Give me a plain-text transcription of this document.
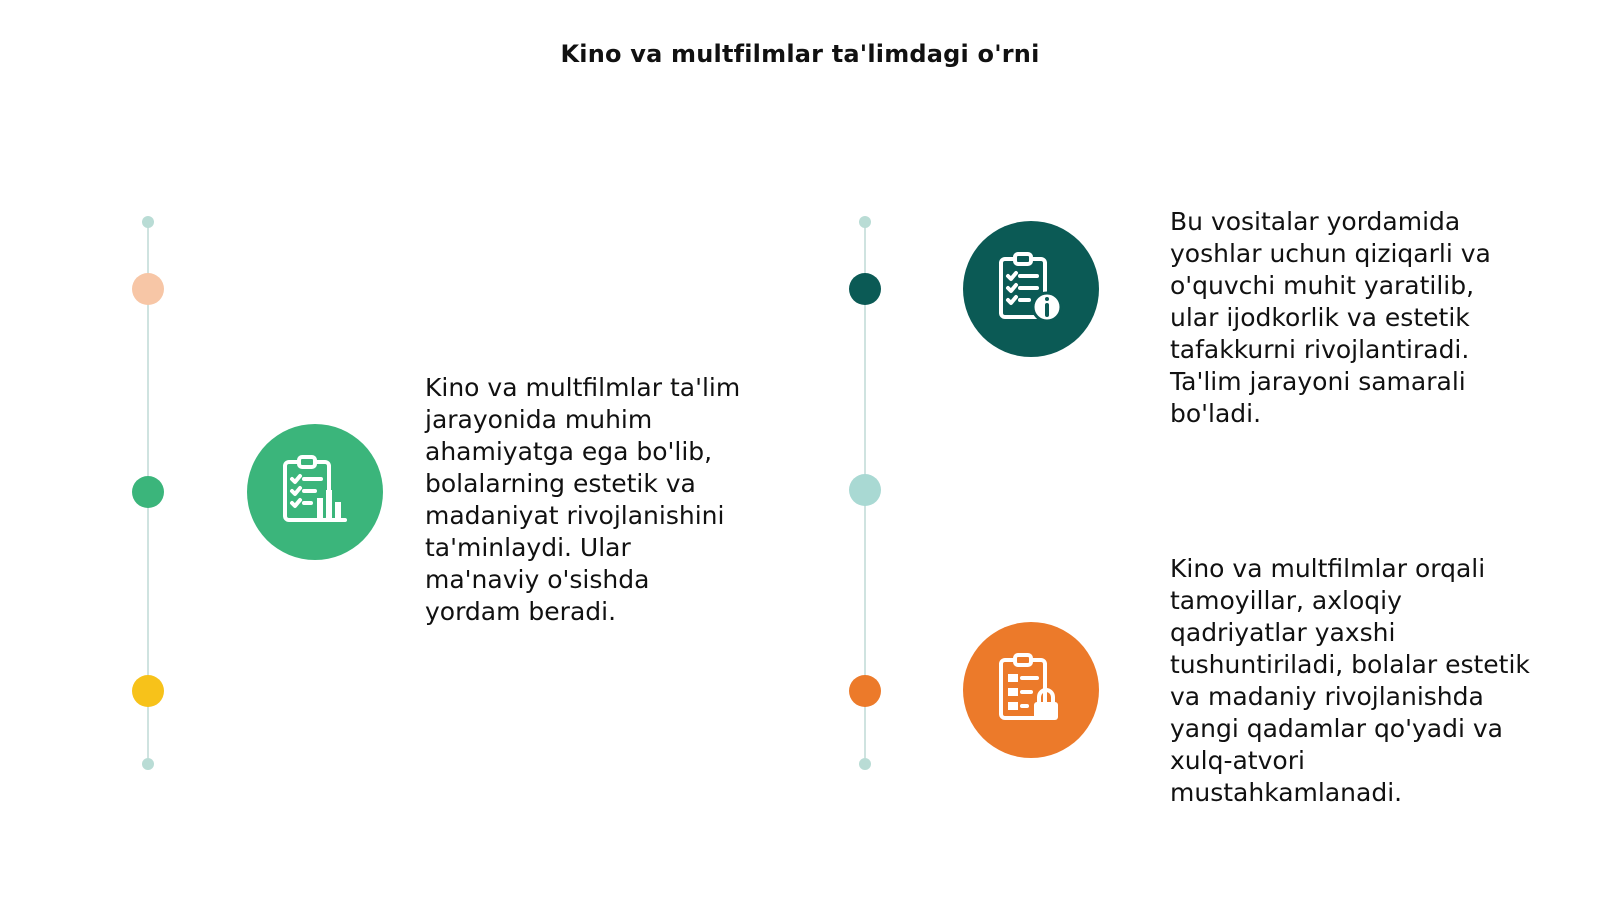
Kino va multfilmlar ta'limdagi o'rni
Kino va multfilmlar ta'lim jarayonida muhim ahamiyatga ega bo'lib, bolalarning estetik va madaniyat rivojlanishini ta'minlaydi. Ular ma'naviy o'sishda yordam beradi.
Bu vositalar yordamida yoshlar uchun qiziqarli va o'quvchi muhit yaratilib, ular ijodkorlik va estetik tafakkurni rivojlantiradi. Ta'lim jarayoni samarali bo'ladi.
Kino va multfilmlar orqali tamoyillar, axloqiy qadriyatlar yaxshi tushuntiriladi, bolalar estetik va madaniy rivojlanishda yangi qadamlar qo'yadi va xulq-atvori mustahkamlanadi.
